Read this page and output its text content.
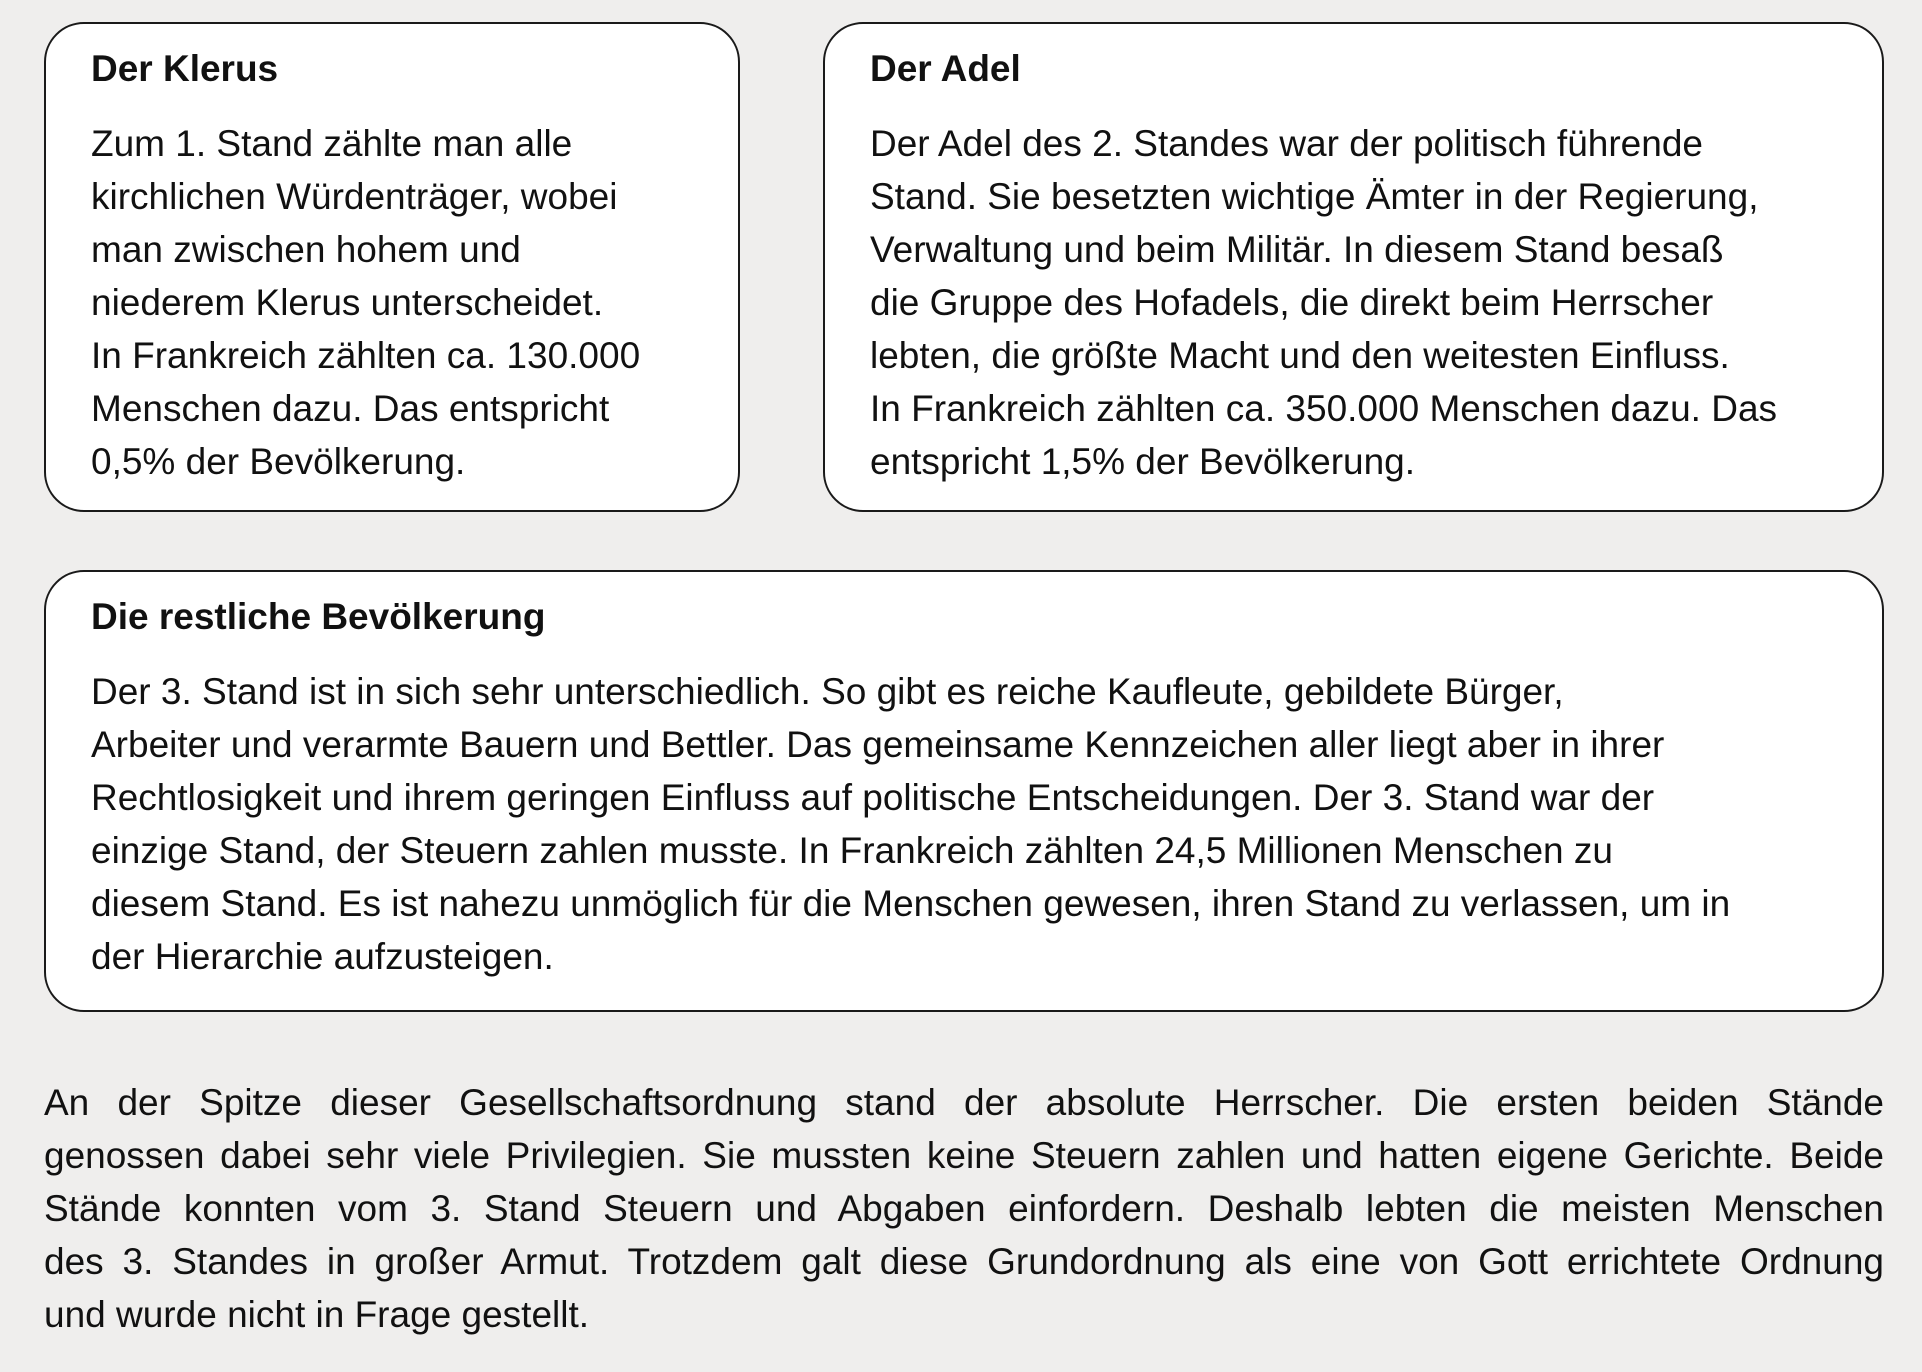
Der Klerus

Zum 1. Stand zählte man alle
kirchlichen Würdenträger, wobei
man zwischen hohem und
niederem Klerus unterscheidet.
In Frankreich zählten ca. 130.000
Menschen dazu. Das entspricht
0,5% der Bevölkerung.

Der Adel

Der Adel des 2. Standes war der politisch führende
Stand. Sie besetzten wichtige Ämter in der Regierung,
Verwaltung und beim Militär. In diesem Stand besaß
die Gruppe des Hofadels, die direkt beim Herrscher
lebten, die größte Macht und den weitesten Einfluss.
In Frankreich zählten ca. 350.000 Menschen dazu. Das
entspricht 1,5% der Bevölkerung.

Die restliche Bevölkerung

Der 3. Stand ist in sich sehr unterschiedlich. So gibt es reiche Kaufleute, gebildete Bürger,
Arbeiter und verarmte Bauern und Bettler. Das gemeinsame Kennzeichen aller liegt aber in ihrer
Rechtlosigkeit und ihrem geringen Einfluss auf politische Entscheidungen. Der 3. Stand war der
einzige Stand, der Steuern zahlen musste. In Frankreich zählten 24,5 Millionen Menschen zu
diesem Stand. Es ist nahezu unmöglich für die Menschen gewesen, ihren Stand zu verlassen, um in
der Hierarchie aufzusteigen.

An der Spitze dieser Gesellschaftsordnung stand der absolute Herrscher. Die ersten beiden Stände
genossen dabei sehr viele Privilegien. Sie mussten keine Steuern zahlen und hatten eigene Gerichte. Beide
Stände konnten vom 3. Stand Steuern und Abgaben einfordern. Deshalb lebten die meisten Menschen
des 3. Standes in großer Armut. Trotzdem galt diese Grundordnung als eine von Gott errichtete Ordnung
und wurde nicht in Frage gestellt.
